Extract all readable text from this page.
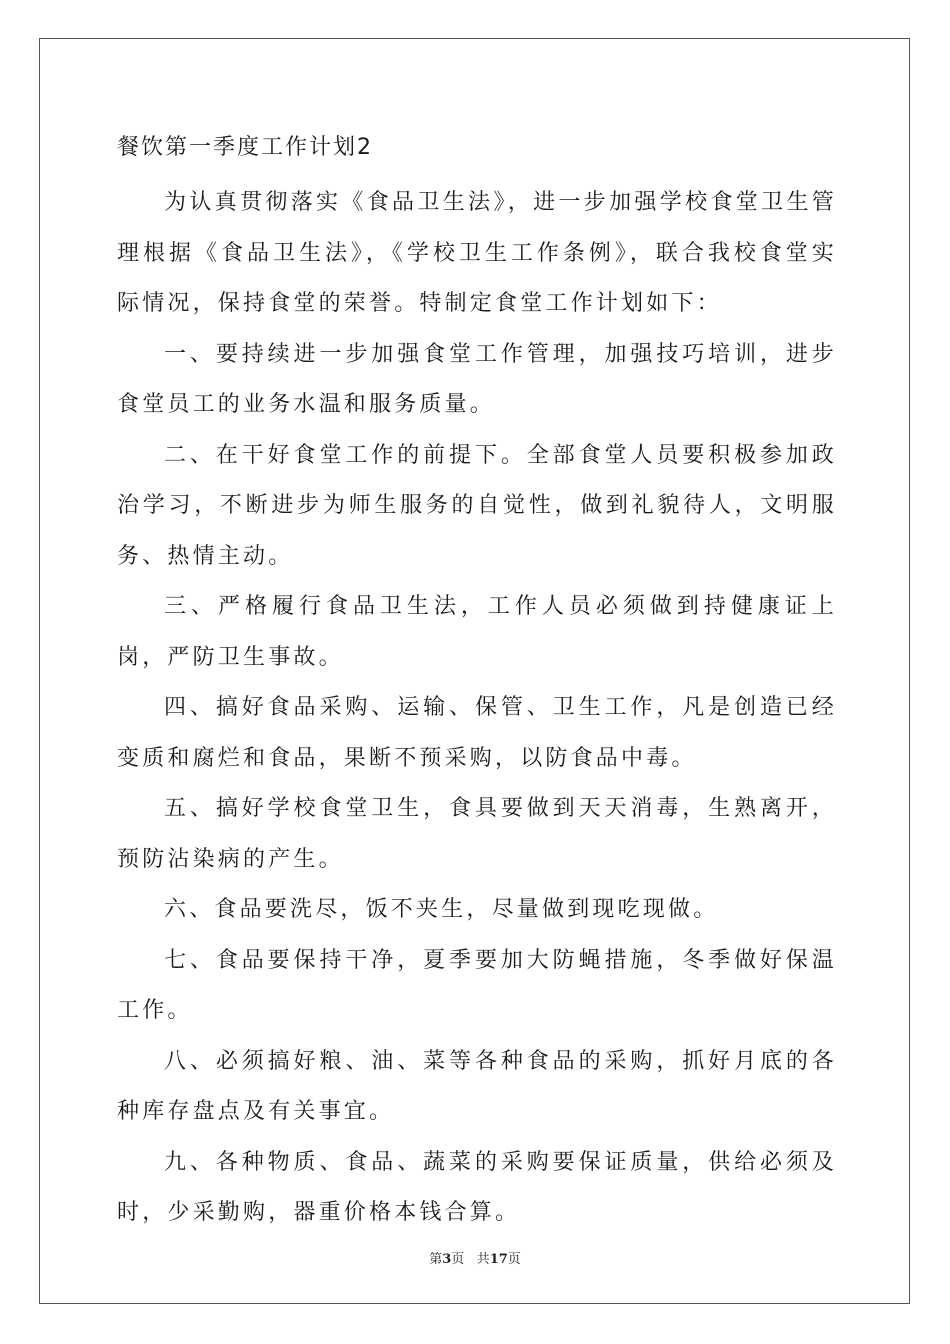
餐饮第一季度工作计划2

为认真贯彻落实《食品卫生法》，进一步加强学校食堂卫生管理根据《食品卫生法》，《学校卫生工作条例》，联合我校食堂实际情况，保持食堂的荣誉。特制定食堂工作计划如下：

一、要持续进一步加强食堂工作管理，加强技巧培训，进步食堂员工的业务水温和服务质量。

二、在干好食堂工作的前提下。全部食堂人员要积极参加政治学习，不断进步为师生服务的自觉性，做到礼貌待人，文明服务、热情主动。

三、严格履行食品卫生法，工作人员必须做到持健康证上岗，严防卫生事故。

四、搞好食品采购、运输、保管、卫生工作，凡是创造已经变质和腐烂和食品，果断不预采购，以防食品中毒。

五、搞好学校食堂卫生，食具要做到天天消毒，生熟离开，预防沾染病的产生。

六、食品要洗尽，饭不夹生，尽量做到现吃现做。

七、食品要保持干净，夏季要加大防蝇措施，冬季做好保温工作。

八、必须搞好粮、油、菜等各种食品的采购，抓好月底的各种库存盘点及有关事宜。

九、各种物质、食品、蔬菜的采购要保证质量，供给必须及时，少采勤购，器重价格本钱合算。

第3页 共17页
